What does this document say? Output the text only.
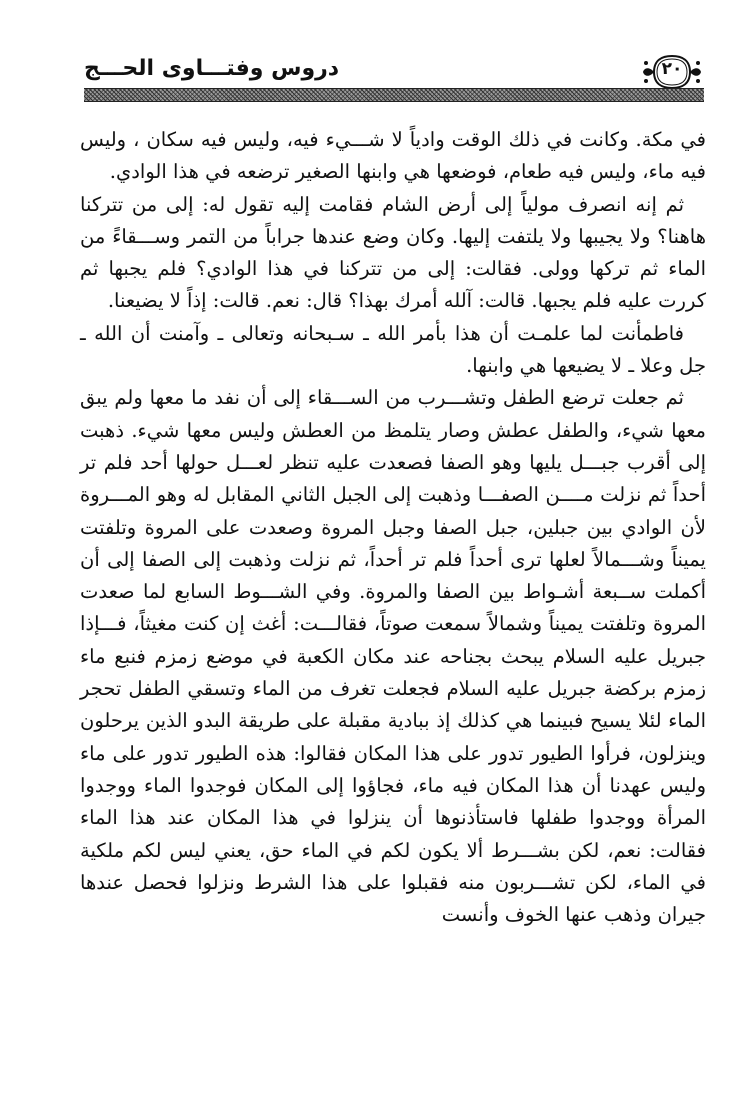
دروس وفتـــاوى الحـــج	٢٠

في مكة. وكانت في ذلك الوقت وادياً لا شـــيء فيه، وليس فيه سكان ، وليس فيه ماء، وليس فيه طعام، فوضعها هي وابنها الصغير ترضعه في هذا الوادي.

ثم إنه انصرف مولياً إلى أرض الشام فقامت إليه تقول له: إلى من تتركنا هاهنا؟ ولا يجيبها ولا يلتفت إليها. وكان وضع عندها جراباً من التمر وســـقاءً من الماء ثم تركها وولى. فقالت: إلى من تتركنا في هذا الوادي؟ فلم يجبها ثم كررت عليه فلم يجبها. قالت: آلله أمرك بهذا؟ قال: نعم. قالت: إذاً لا يضيعنا.

فاطمأنت لما علمـت أن هذا بأمر الله ـ سـبحانه وتعالى ـ وآمنت أن الله ـ جل وعلا ـ لا يضيعها هي وابنها.

ثم جعلت ترضع الطفل وتشـــرب من الســـقاء إلى أن نفد ما معها ولم يبق معها شيء، والطفل عطش وصار يتلمظ من العطش وليس معها شيء. ذهبت إلى أقرب جبـــل يليها وهو الصفا فصعدت عليه تنظر لعـــل حولها أحد فلم تر أحداً ثم نزلت مــــن الصفـــا وذهبت إلى الجبل الثاني المقابل له وهو المـــروة لأن الوادي بين جبلين، جبل الصفا وجبل المروة وصعدت على المروة وتلفتت يميناً وشـــمالاً لعلها ترى أحداً فلم تر أحداً، ثم نزلت وذهبت إلى الصفا إلى أن أكملت ســبعة أشـواط بين الصفا والمروة. وفي الشـــوط السابع لما صعدت المروة وتلفتت يميناً وشمالاً سمعت صوتاً، فقالـــت: أغث إن كنت مغيثاً، فـــإذا جبريل عليه السلام يبحث بجناحه عند مكان الكعبة في موضع زمزم فنبع ماء زمزم بركضة جبريل عليه السلام فجعلت تغرف من الماء وتسقي الطفل تحجر الماء لئلا يسيح فبينما هي كذلك إذ ببادية مقبلة على طريقة البدو الذين يرحلون وينزلون، فرأوا الطيور تدور على هذا المكان فقالوا: هذه الطيور تدور على ماء وليس عهدنا أن هذا المكان فيه ماء، فجاؤوا إلى المكان فوجدوا الماء ووجدوا المرأة ووجدوا طفلها فاستأذنوها أن ينزلوا في هذا المكان عند هذا الماء فقالت: نعم، لكن بشـــرط ألا يكون لكم في الماء حق، يعني ليس لكم ملكية في الماء، لكن تشـــربون منه فقبلوا على هذا الشرط ونزلوا فحصل عندها جيران وذهب عنها الخوف وأنست
